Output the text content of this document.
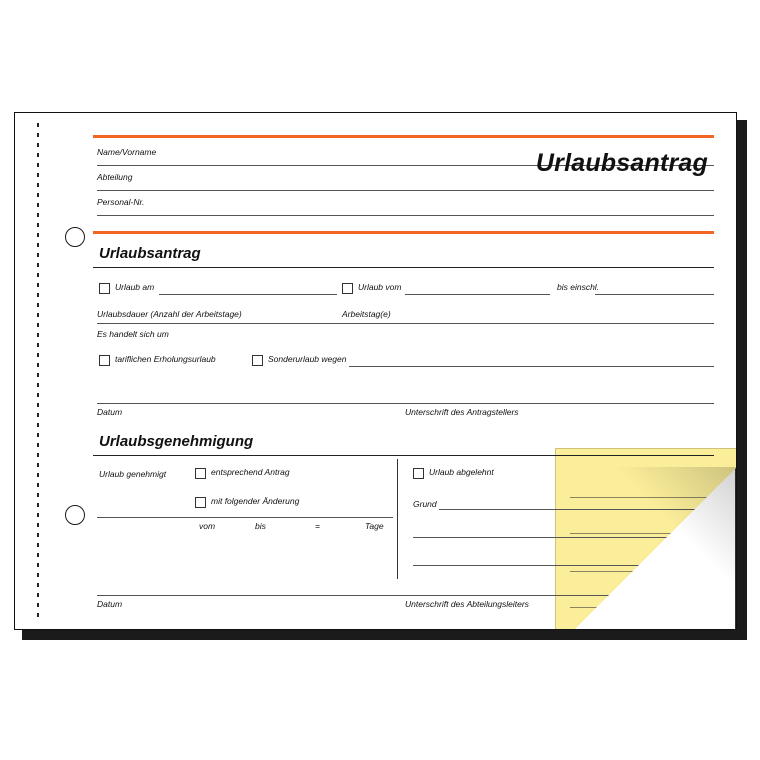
Name/Vorname
Abteilung
Personal-Nr.
Urlaubsantrag
Urlaubsantrag
Urlaub am	Urlaub vom	bis einschl.
Urlaubsdauer (Anzahl der Arbeitstage)	Arbeitstag(e)
Es handelt sich um
tariflichen Erholungsurlaub	Sonderurlaub wegen
Datum	Unterschrift des Antragstellers
Urlaubsgenehmigung
Urlaub genehmigt	entsprechend Antrag
mit folgender Änderung
vom	bis	=	Tage
Urlaub abgelehnt
Grund
Datum	Unterschrift des Abteilungsleiters
